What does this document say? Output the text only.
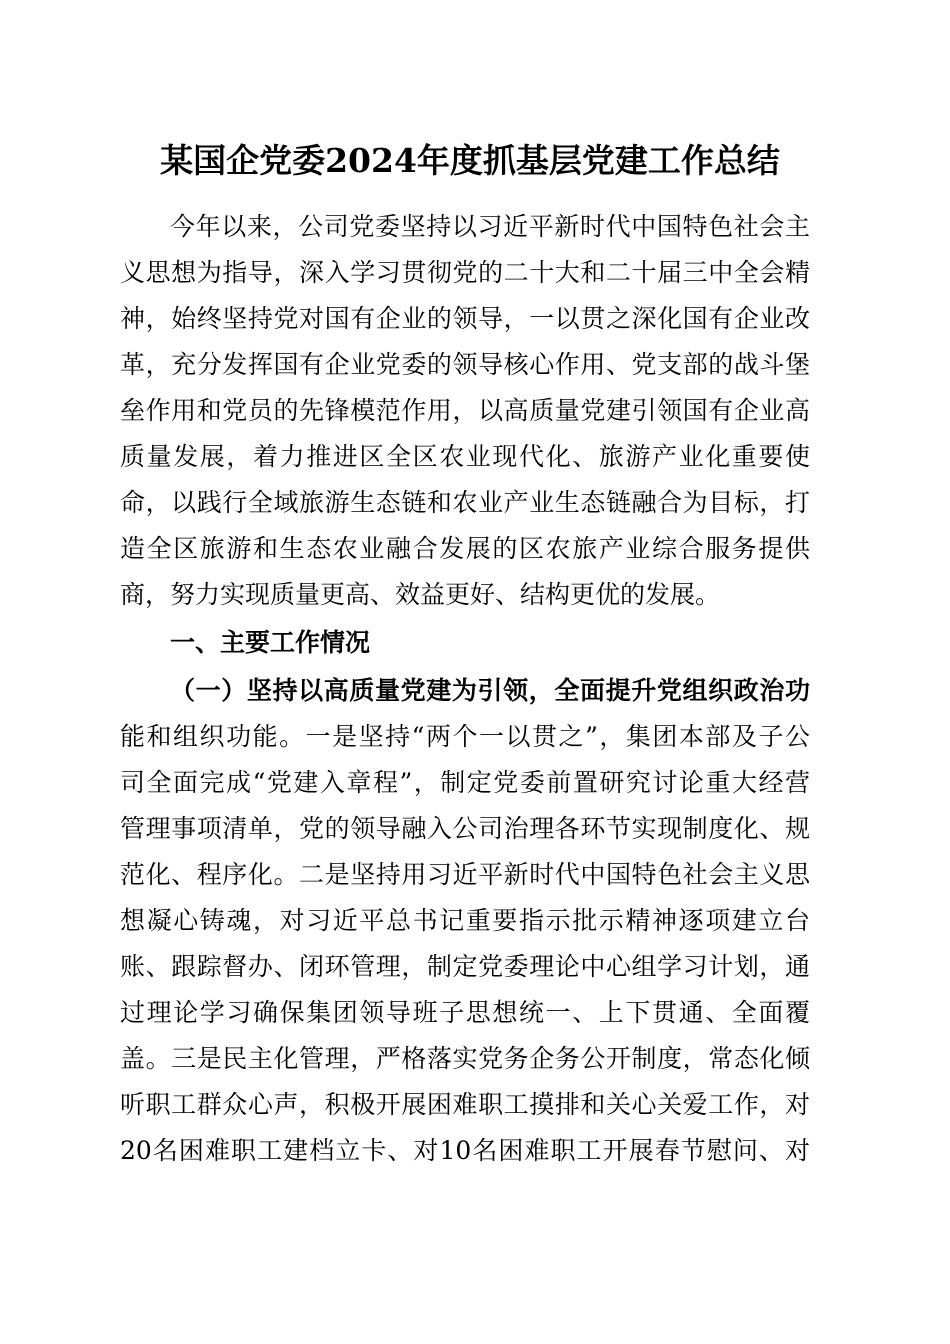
某国企党委2024年度抓基层党建工作总结
今年以来，公司党委坚持以习近平新时代中国特色社会主
义思想为指导，深入学习贯彻党的二十大和二十届三中全会精
神，始终坚持党对国有企业的领导，一以贯之深化国有企业改
革，充分发挥国有企业党委的领导核心作用、党支部的战斗堡
垒作用和党员的先锋模范作用，以高质量党建引领国有企业高
质量发展，着力推进区全区农业现代化、旅游产业化重要使
命，以践行全域旅游生态链和农业产业生态链融合为目标，打
造全区旅游和生态农业融合发展的区农旅产业综合服务提供
商，努力实现质量更高、效益更好、结构更优的发展。
一、主要工作情况
（一）坚持以高质量党建为引领，全面提升党组织政治功
能和组织功能。一是坚持“两个一以贯之”，集团本部及子公
司全面完成“党建入章程”，制定党委前置研究讨论重大经营
管理事项清单，党的领导融入公司治理各环节实现制度化、规
范化、程序化。二是坚持用习近平新时代中国特色社会主义思
想凝心铸魂，对习近平总书记重要指示批示精神逐项建立台
账、跟踪督办、闭环管理，制定党委理论中心组学习计划，通
过理论学习确保集团领导班子思想统一、上下贯通、全面覆
盖。三是民主化管理，严格落实党务企务公开制度，常态化倾
听职工群众心声，积极开展困难职工摸排和关心关爱工作，对
20名困难职工建档立卡、对10名困难职工开展春节慰问、对
